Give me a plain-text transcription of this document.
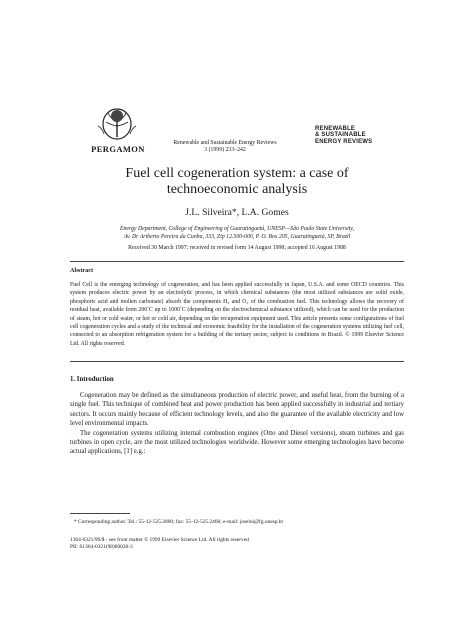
PERGAMON
Renewable and Sustainable Energy Reviews
3 (1999) 233–242
RENEWABLE
& SUSTAINABLE
ENERGY REVIEWS
Fuel cell cogeneration system: a case of
technoeconomic analysis
J.L. Silveira*, L.A. Gomes
Energy Department, College of Engineering of Guaratinguetá, UNESP—São Paulo State University,
Av. Dr Ariberto Pereira da Cunha, 333, Zip 12.500-000, P. O. Box 205, Guaratinguetá, SP, Brazil
Received 30 March 1997; received in revised form 14 August 1998; accepted 16 August 1988
Abstract
Fuel Cell is the emerging technology of cogeneration, and has been applied successfully in Japan, U.S.A. and some OECD countries. This system produces electric power by an electrolytic process, in which chemical substances (the most utilized substances are solid oxide, phosphoric acid and molten carbonate) absorb the components H₂ and O₂ of the combustion fuel. This technology allows the recovery of residual heat, available from 200˚C up to 1000˚C (depending on the electrochemical substance utilized), which can be used for the production of steam, hot or cold water, or hot or cold air, depending on the recuperation equipment used. This article presents some configurations of fuel cell cogeneration cycles and a study of the technical and economic feasibility for the installation of the cogeneration systems utilizing fuel cell, connected to an absorption refrigeration system for a building of the tertiary sector, subject to conditions in Brazil. © 1999 Elsevier Science Ltd. All rights reserved.
1. Introduction

Cogeneration may be defined as the simultaneous production of electric power, and useful heat, from the burning of a single fuel. This technique of combined heat and power production has been applied successfully in industrial and tertiary sectors. It occurs mainly because of efficient technology levels, and also the guarantee of the available electricity and low level environmental impacts.

The cogeneration systems utilizing internal combustion engines (Otto and Diesel versions), steam turbines and gas turbines in open cycle, are the most utilized technologies worldwide. However some emerging technologies have become actual applications, [1] e.g.:

* Corresponding author. Tel.: 55-12-525.2800; fax: 55-12-525.2466; e-mail: joselui@fg.unesp.br
1364-0321/99/$ - see front matter © 1999 Elsevier Science Ltd. All rights reserved
PII: S1364-0321(98)00020-3
